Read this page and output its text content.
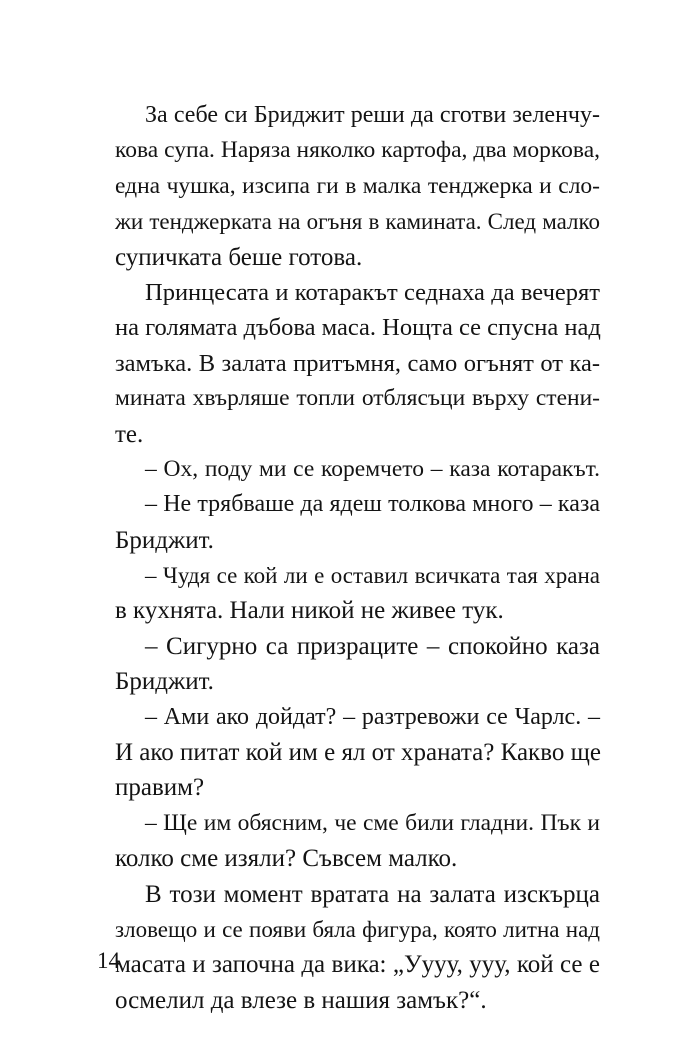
За себе си Бриджит реши да сготви зеленчу-
кова супа. Наряза няколко картофа, два моркова,
една чушка, изсипа ги в малка тенджерка и сло-
жи тенджерката на огъня в камината. След малко
супичката беше готова.
Принцесата и котаракът седнаха да вечерят
на голямата дъбова маса. Нощта се спусна над
замъка. В залата притъмня, само огънят от ка-
мината хвърляше топли отблясъци върху стени-
те.
– Ох, поду ми се коремчето – каза котаракът.
– Не трябваше да ядеш толкова много – каза
Бриджит.
– Чудя се кой ли е оставил всичката тая храна
в кухнята. Нали никой не живее тук.
– Сигурно са призраците – спокойно каза
Бриджит.
– Ами ако дойдат? – разтревожи се Чарлс. –
И ако питат кой им е ял от храната? Какво ще
правим?
– Ще им обясним, че сме били гладни. Пък и
колко сме изяли? Съвсем малко.
В този момент вратата на залата изскърца
зловещо и се появи бяла фигура, която литна над
масата и започна да вика: „Уууу, ууу, кой се е
осмелил да влезе в нашия замък?“.
14
